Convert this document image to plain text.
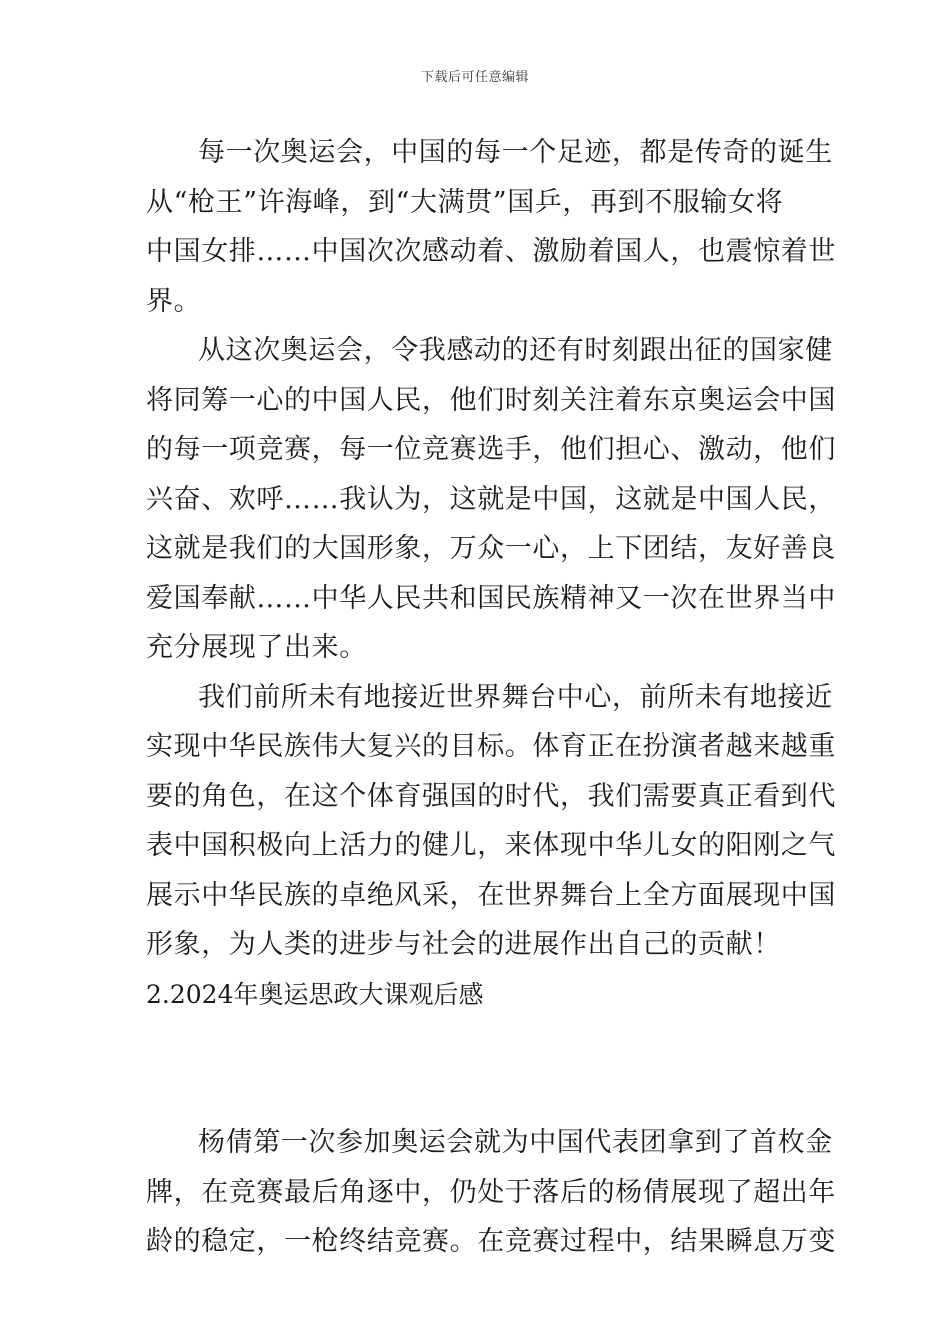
下载后可任意编辑
每一次奥运会，中国的每一个足迹，都是传奇的诞生
从“枪王”许海峰，到“大满贯”国乒，再到不服输女将
中国女排……中国次次感动着、激励着国人，也震惊着世
界。
从这次奥运会，令我感动的还有时刻跟出征的国家健
将同筹一心的中国人民，他们时刻关注着东京奥运会中国
的每一项竞赛，每一位竞赛选手，他们担心、激动，他们
兴奋、欢呼……我认为，这就是中国，这就是中国人民，
这就是我们的大国形象，万众一心，上下团结，友好善良
爱国奉献……中华人民共和国民族精神又一次在世界当中
充分展现了出来。
我们前所未有地接近世界舞台中心，前所未有地接近
实现中华民族伟大复兴的目标。体育正在扮演者越来越重
要的角色，在这个体育强国的时代，我们需要真正看到代
表中国积极向上活力的健儿，来体现中华儿女的阳刚之气
展示中华民族的卓绝风采，在世界舞台上全方面展现中国
形象，为人类的进步与社会的进展作出自己的贡献！
2.2024年奥运思政大课观后感
杨倩第一次参加奥运会就为中国代表团拿到了首枚金
牌，在竞赛最后角逐中，仍处于落后的杨倩展现了超出年
龄的稳定，一枪终结竞赛。在竞赛过程中，结果瞬息万变
